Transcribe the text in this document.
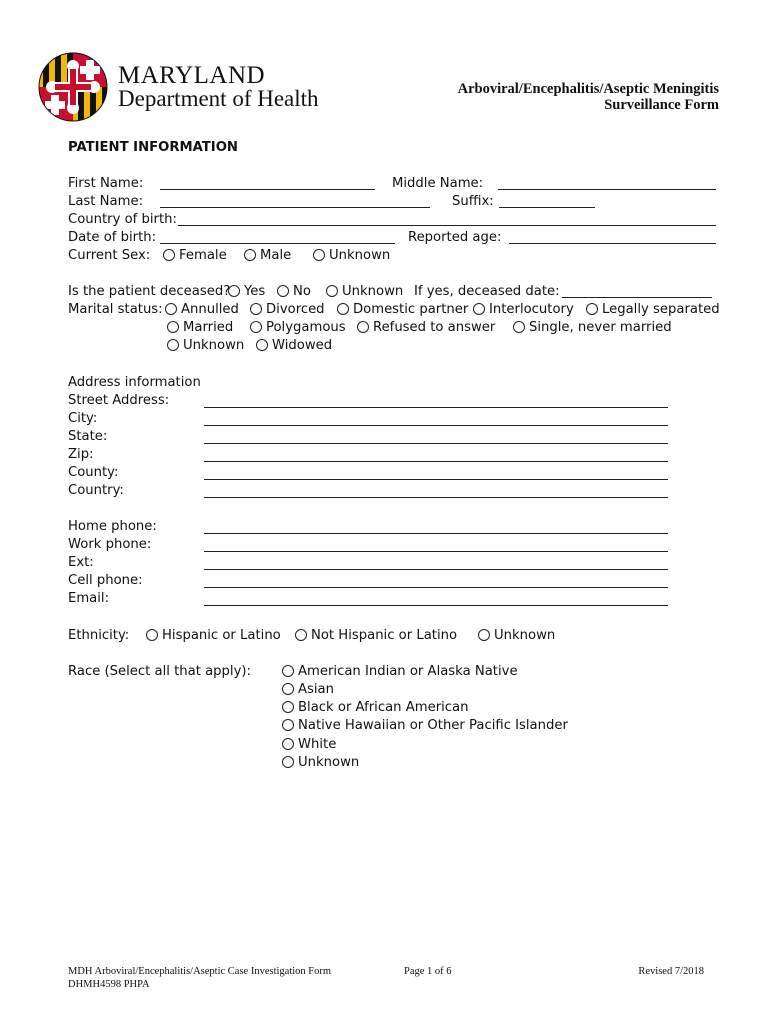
MARYLAND
Department of Health	Arboviral/Encephalitis/Aseptic Meningitis
Surveillance Form
PATIENT INFORMATION
First Name:	Middle Name:
Last Name:	Suffix:
Country of birth:
Date of birth:	Reported age:
Current Sex:	Female	Male	Unknown
Is the patient deceased?	Yes	No	Unknown If yes, deceased date:
Marital status:	Annulled	Divorced	Domestic partner	Interlocutory	Legally separated
Married	Polygamous	Refused to answer	Single, never married
Unknown	Widowed
Address information
Street Address:
City:
State:
Zip:
County:
Country:
Home phone:
Work phone:
Ext:
Cell phone:
Email:
Ethnicity:	Hispanic or Latino	Not Hispanic or Latino	Unknown
Race (Select all that apply):	American Indian or Alaska Native
Asian
Black or African American
Native Hawaiian or Other Pacific Islander
White
Unknown
MDH Arboviral/Encephalitis/Aseptic Case Investigation Form
DHMH4598 PHPA
Page 1 of 6	Revised 7/2018
